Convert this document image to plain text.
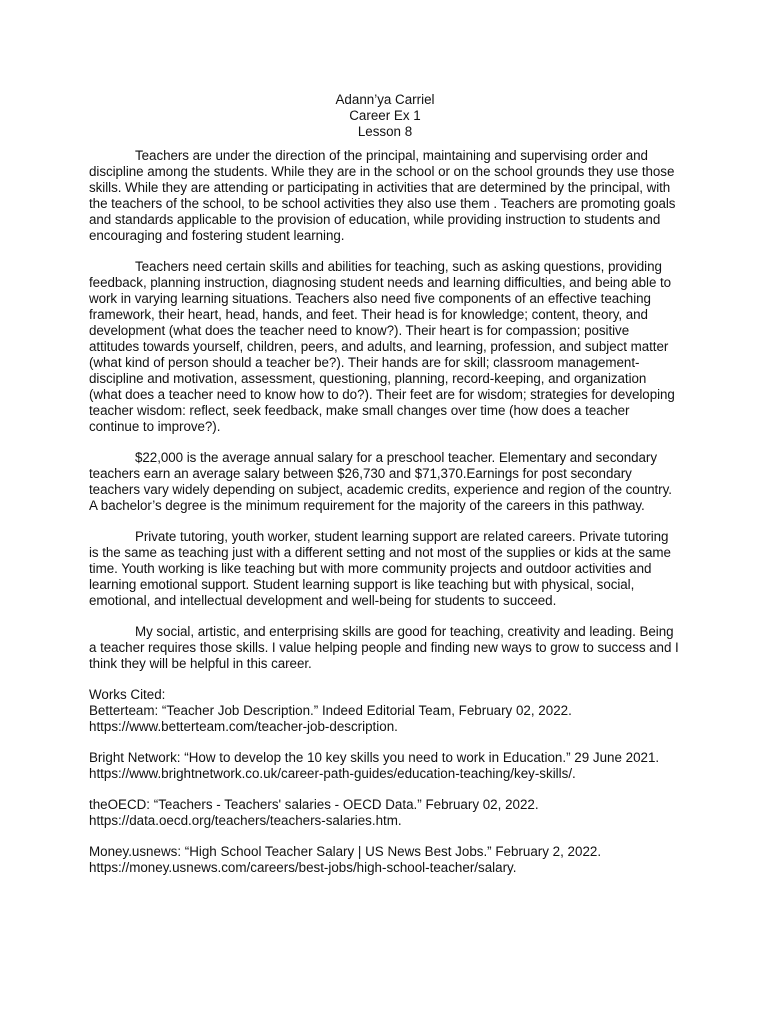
Adann’ya Carriel
Career Ex 1
Lesson 8

Teachers are under the direction of the principal, maintaining and supervising order and discipline among the students. While they are in the school or on the school grounds they use those skills. While they are attending or participating in activities that are determined by the principal, with the teachers of the school, to be school activities they also use them . Teachers are promoting goals and standards applicable to the provision of education, while providing instruction to students and encouraging and fostering student learning.

Teachers need certain skills and abilities for teaching, such as asking questions, providing feedback, planning instruction, diagnosing student needs and learning difficulties, and being able to work in varying learning situations. Teachers also need five components of an effective teaching framework, their heart, head, hands, and feet. Their head is for knowledge; content, theory, and development (what does the teacher need to know?). Their heart is for compassion; positive attitudes towards yourself, children, peers, and adults, and learning, profession, and subject matter (what kind of person should a teacher be?). Their hands are for skill; classroom management-discipline and motivation, assessment, questioning, planning, record-keeping, and organization (what does a teacher need to know how to do?). Their feet are for wisdom; strategies for developing teacher wisdom: reflect, seek feedback, make small changes over time (how does a teacher continue to improve?).

$22,000 is the average annual salary for a preschool teacher. Elementary and secondary teachers earn an average salary between $26,730 and $71,370.Earnings for post secondary teachers vary widely depending on subject, academic credits, experience and region of the country. A bachelor’s degree is the minimum requirement for the majority of the careers in this pathway.

Private tutoring, youth worker, student learning support are related careers. Private tutoring is the same as teaching just with a different setting and not most of the supplies or kids at the same time. Youth working is like teaching but with more community projects and outdoor activities and learning emotional support. Student learning support is like teaching but with physical, social, emotional, and intellectual development and well-being for students to succeed.

My social, artistic, and enterprising skills are good for teaching, creativity and leading. Being a teacher requires those skills. I value helping people and finding new ways to grow to success and I think they will be helpful in this career.

Works Cited:

Betterteam: “Teacher Job Description.” Indeed Editorial Team, February 02, 2022. https://www.betterteam.com/teacher-job-description.

Bright Network: “How to develop the 10 key skills you need to work in Education.” 29 June 2021. https://www.brightnetwork.co.uk/career-path-guides/education-teaching/key-skills/.

theOECD: “Teachers - Teachers' salaries - OECD Data.” February 02, 2022. https://data.oecd.org/teachers/teachers-salaries.htm.

Money.usnews: “High School Teacher Salary | US News Best Jobs.” February 2, 2022. https://money.usnews.com/careers/best-jobs/high-school-teacher/salary.
